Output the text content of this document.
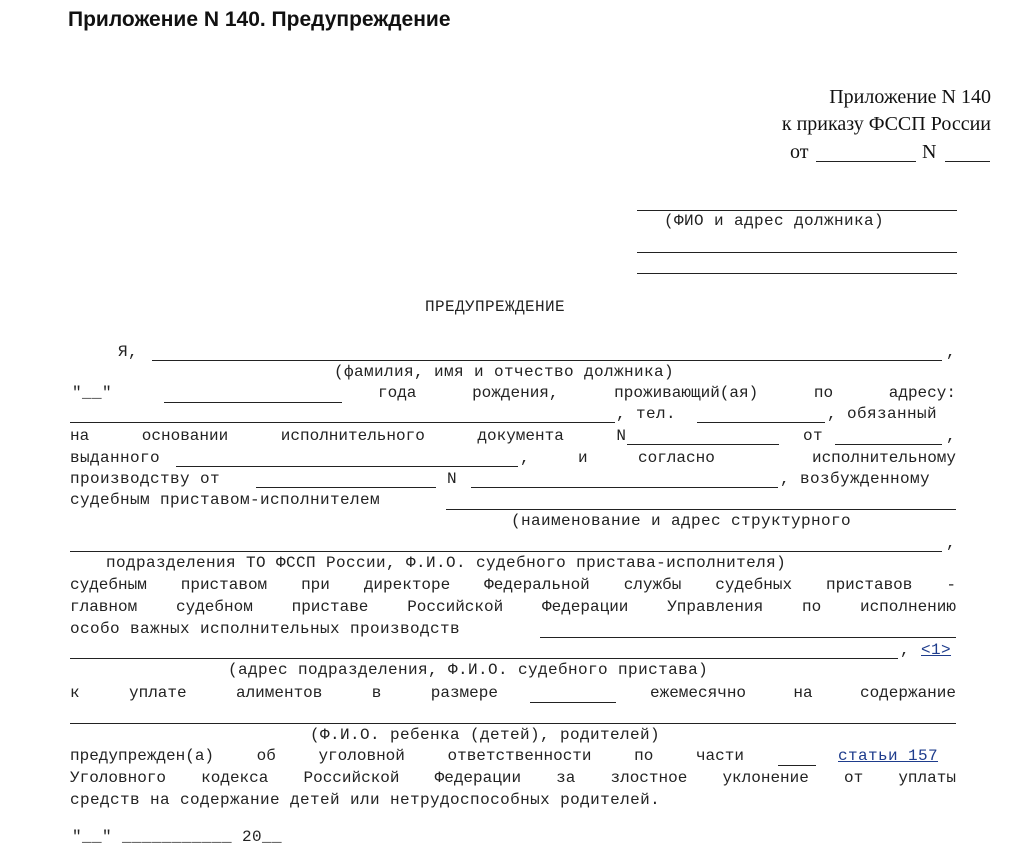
Приложение N 140. Предупреждение
Приложение N 140
к приказу ФССП России
от	N
(ФИО и адрес должника)
ПРЕДУПРЕЖДЕНИЕ
Я,	,
(фамилия, имя и отчество должника)
"__"	года	рождения,	проживающий(ая)	по	адресу:
, тел.	, обязанный
на	основании	исполнительного	документа	N	от	,
выданного	,	и	согласно	исполнительному
производству от	N	, возбужденному
судебным приставом-исполнителем
(наименование и адрес структурного
,
подразделения ТО ФССП России, Ф.И.О. судебного пристава-исполнителя)
судебным приставом при директоре Федеральной службы судебных приставов -
главном судебном приставе Российской Федерации Управления по исполнению
особо важных исполнительных производств
, <1>
(адрес подразделения, Ф.И.О. судебного пристава)
к	уплате	алиментов	в	размере	ежемесячно	на	содержание
(Ф.И.О. ребенка (детей), родителей)
предупрежден(а)	об	уголовной	ответственности	по	части	статьи 157
Уголовного кодекса Российской Федерации за злостное уклонение от уплаты
средств на содержание детей или нетрудоспособных родителей.
"__" ___________ 20__
